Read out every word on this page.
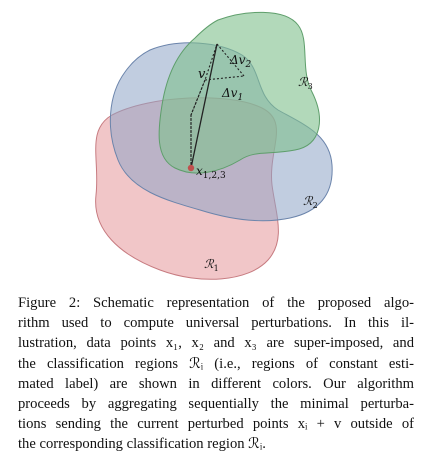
v
$\Delta v_2$
$\Delta v_1$
$x_{1,2,3}$
ℛ$_3$
ℛ$_2$
ℛ$_1$

Figure 2: Schematic representation of the proposed algo-
rithm used to compute universal perturbations. In this il-
lustration, data points x₁, x₂ and x₃ are super-imposed, and
the classification regions ℛᵢ (i.e., regions of constant esti-
mated label) are shown in different colors. Our algorithm
proceeds by aggregating sequentially the minimal perturba-
tions sending the current perturbed points xᵢ + v outside of
the corresponding classification region ℛᵢ.
